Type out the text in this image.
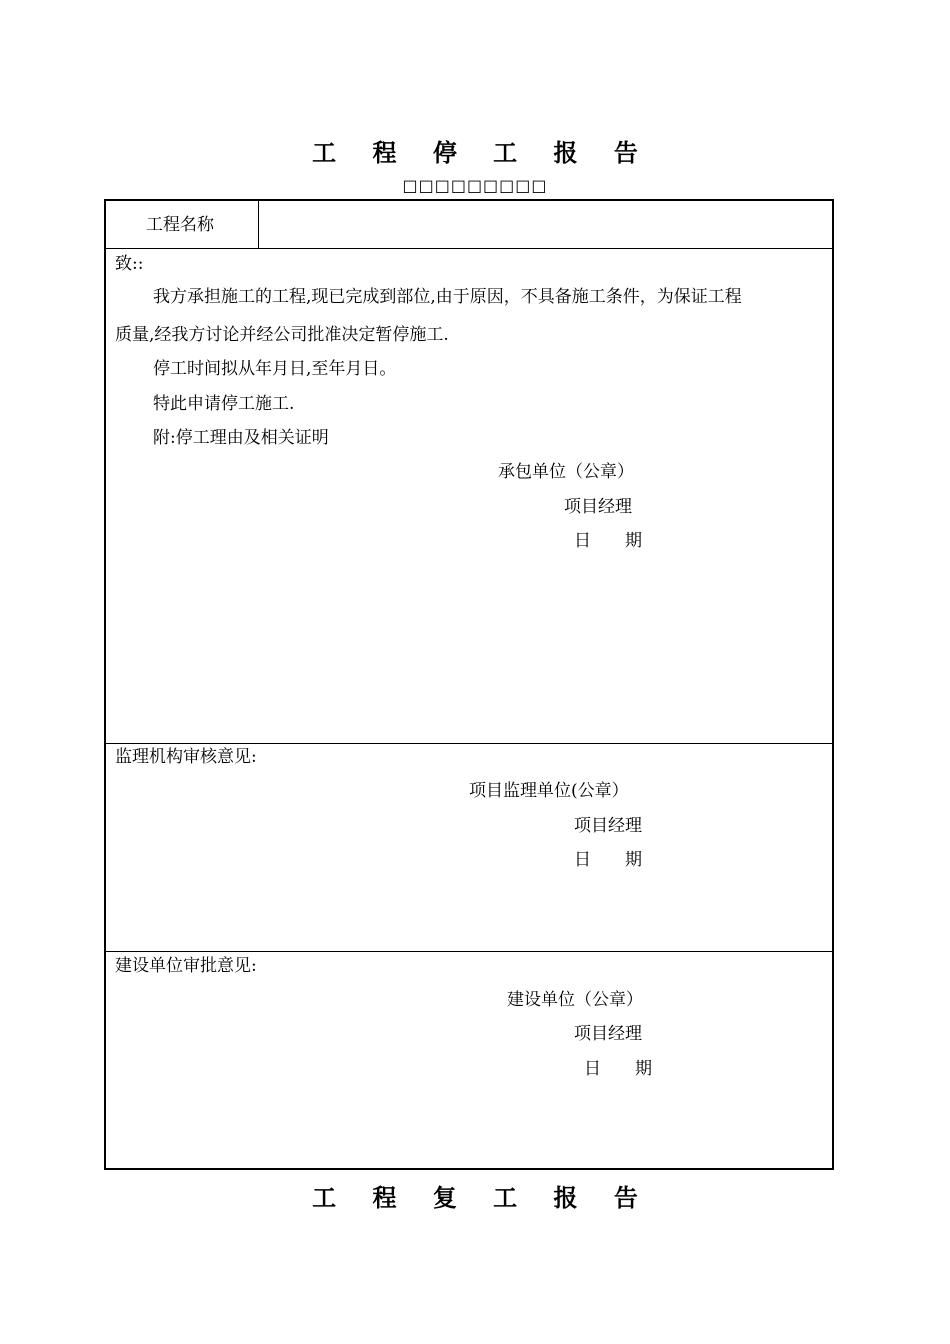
工 程 停 工 报 告
□□□□□□□□□
工程名称
致::
我方承担施工的工程,现已完成到部位,由于原因，不具备施工条件，为保证工程
质量,经我方讨论并经公司批准决定暂停施工.
停工时间拟从年月日,至年月日。
特此申请停工施工.
附:停工理由及相关证明
承包单位（公章）
项目经理
日　　期
监理机构审核意见:
项目监理单位(公章）
项目经理
日　　期
建设单位审批意见:
建设单位（公章）
项目经理
日　　期
工 程 复 工 报 告
